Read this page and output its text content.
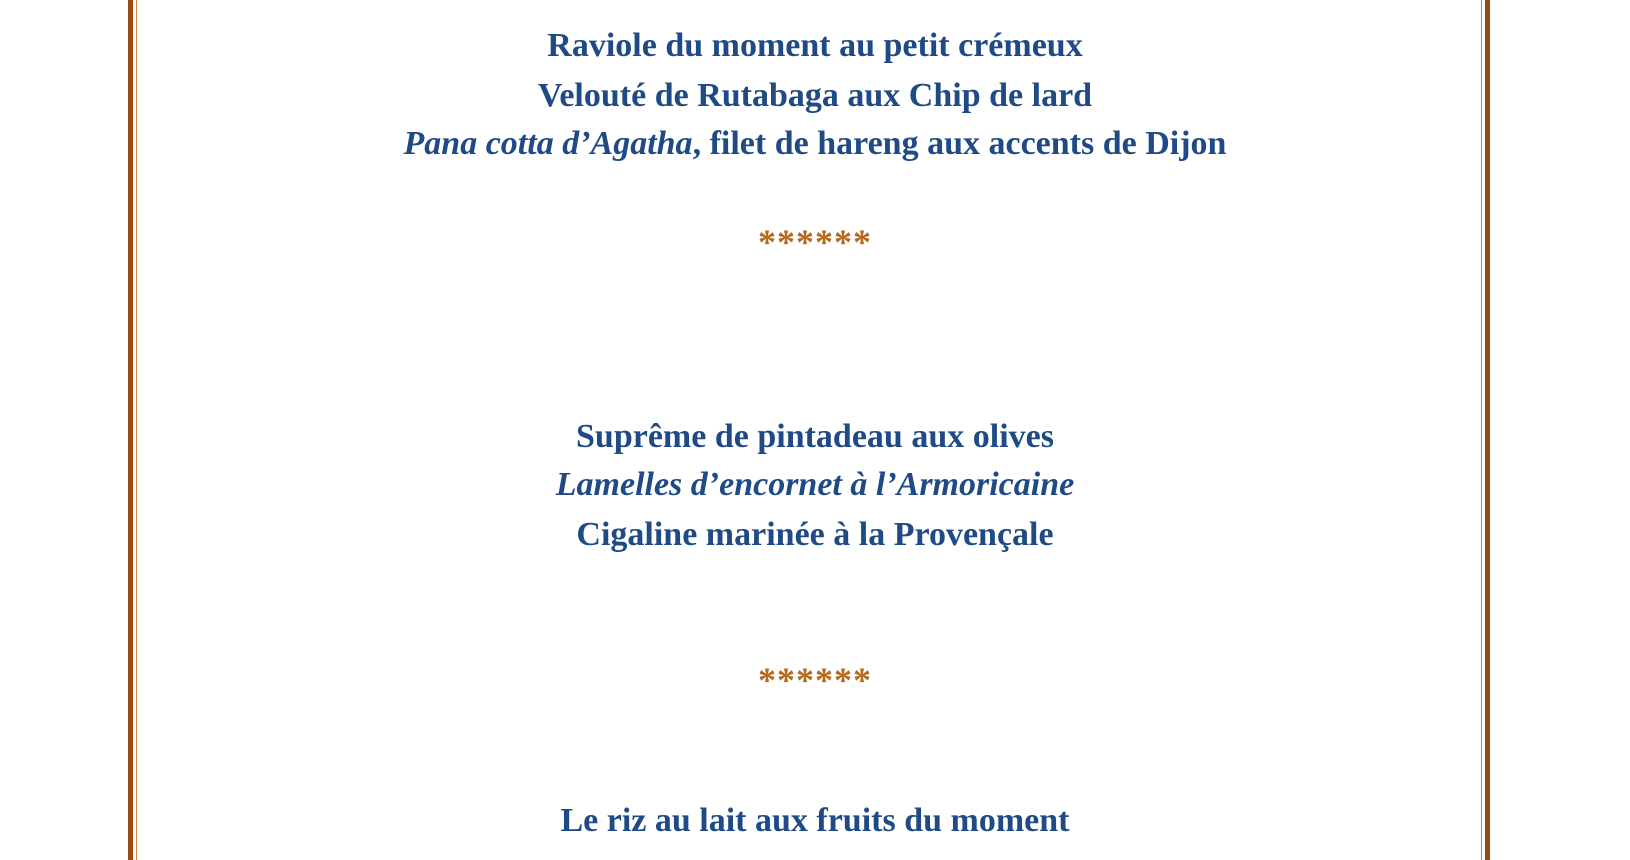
Raviole du moment au petit crémeux
Velouté de Rutabaga aux Chip de lard
Pana cotta d’Agatha, filet de hareng aux accents de Dijon
******
Suprême de pintadeau aux olives
Lamelles d’encornet à l’Armoricaine
Cigaline marinée à la Provençale
******
Le riz au lait aux fruits du moment
